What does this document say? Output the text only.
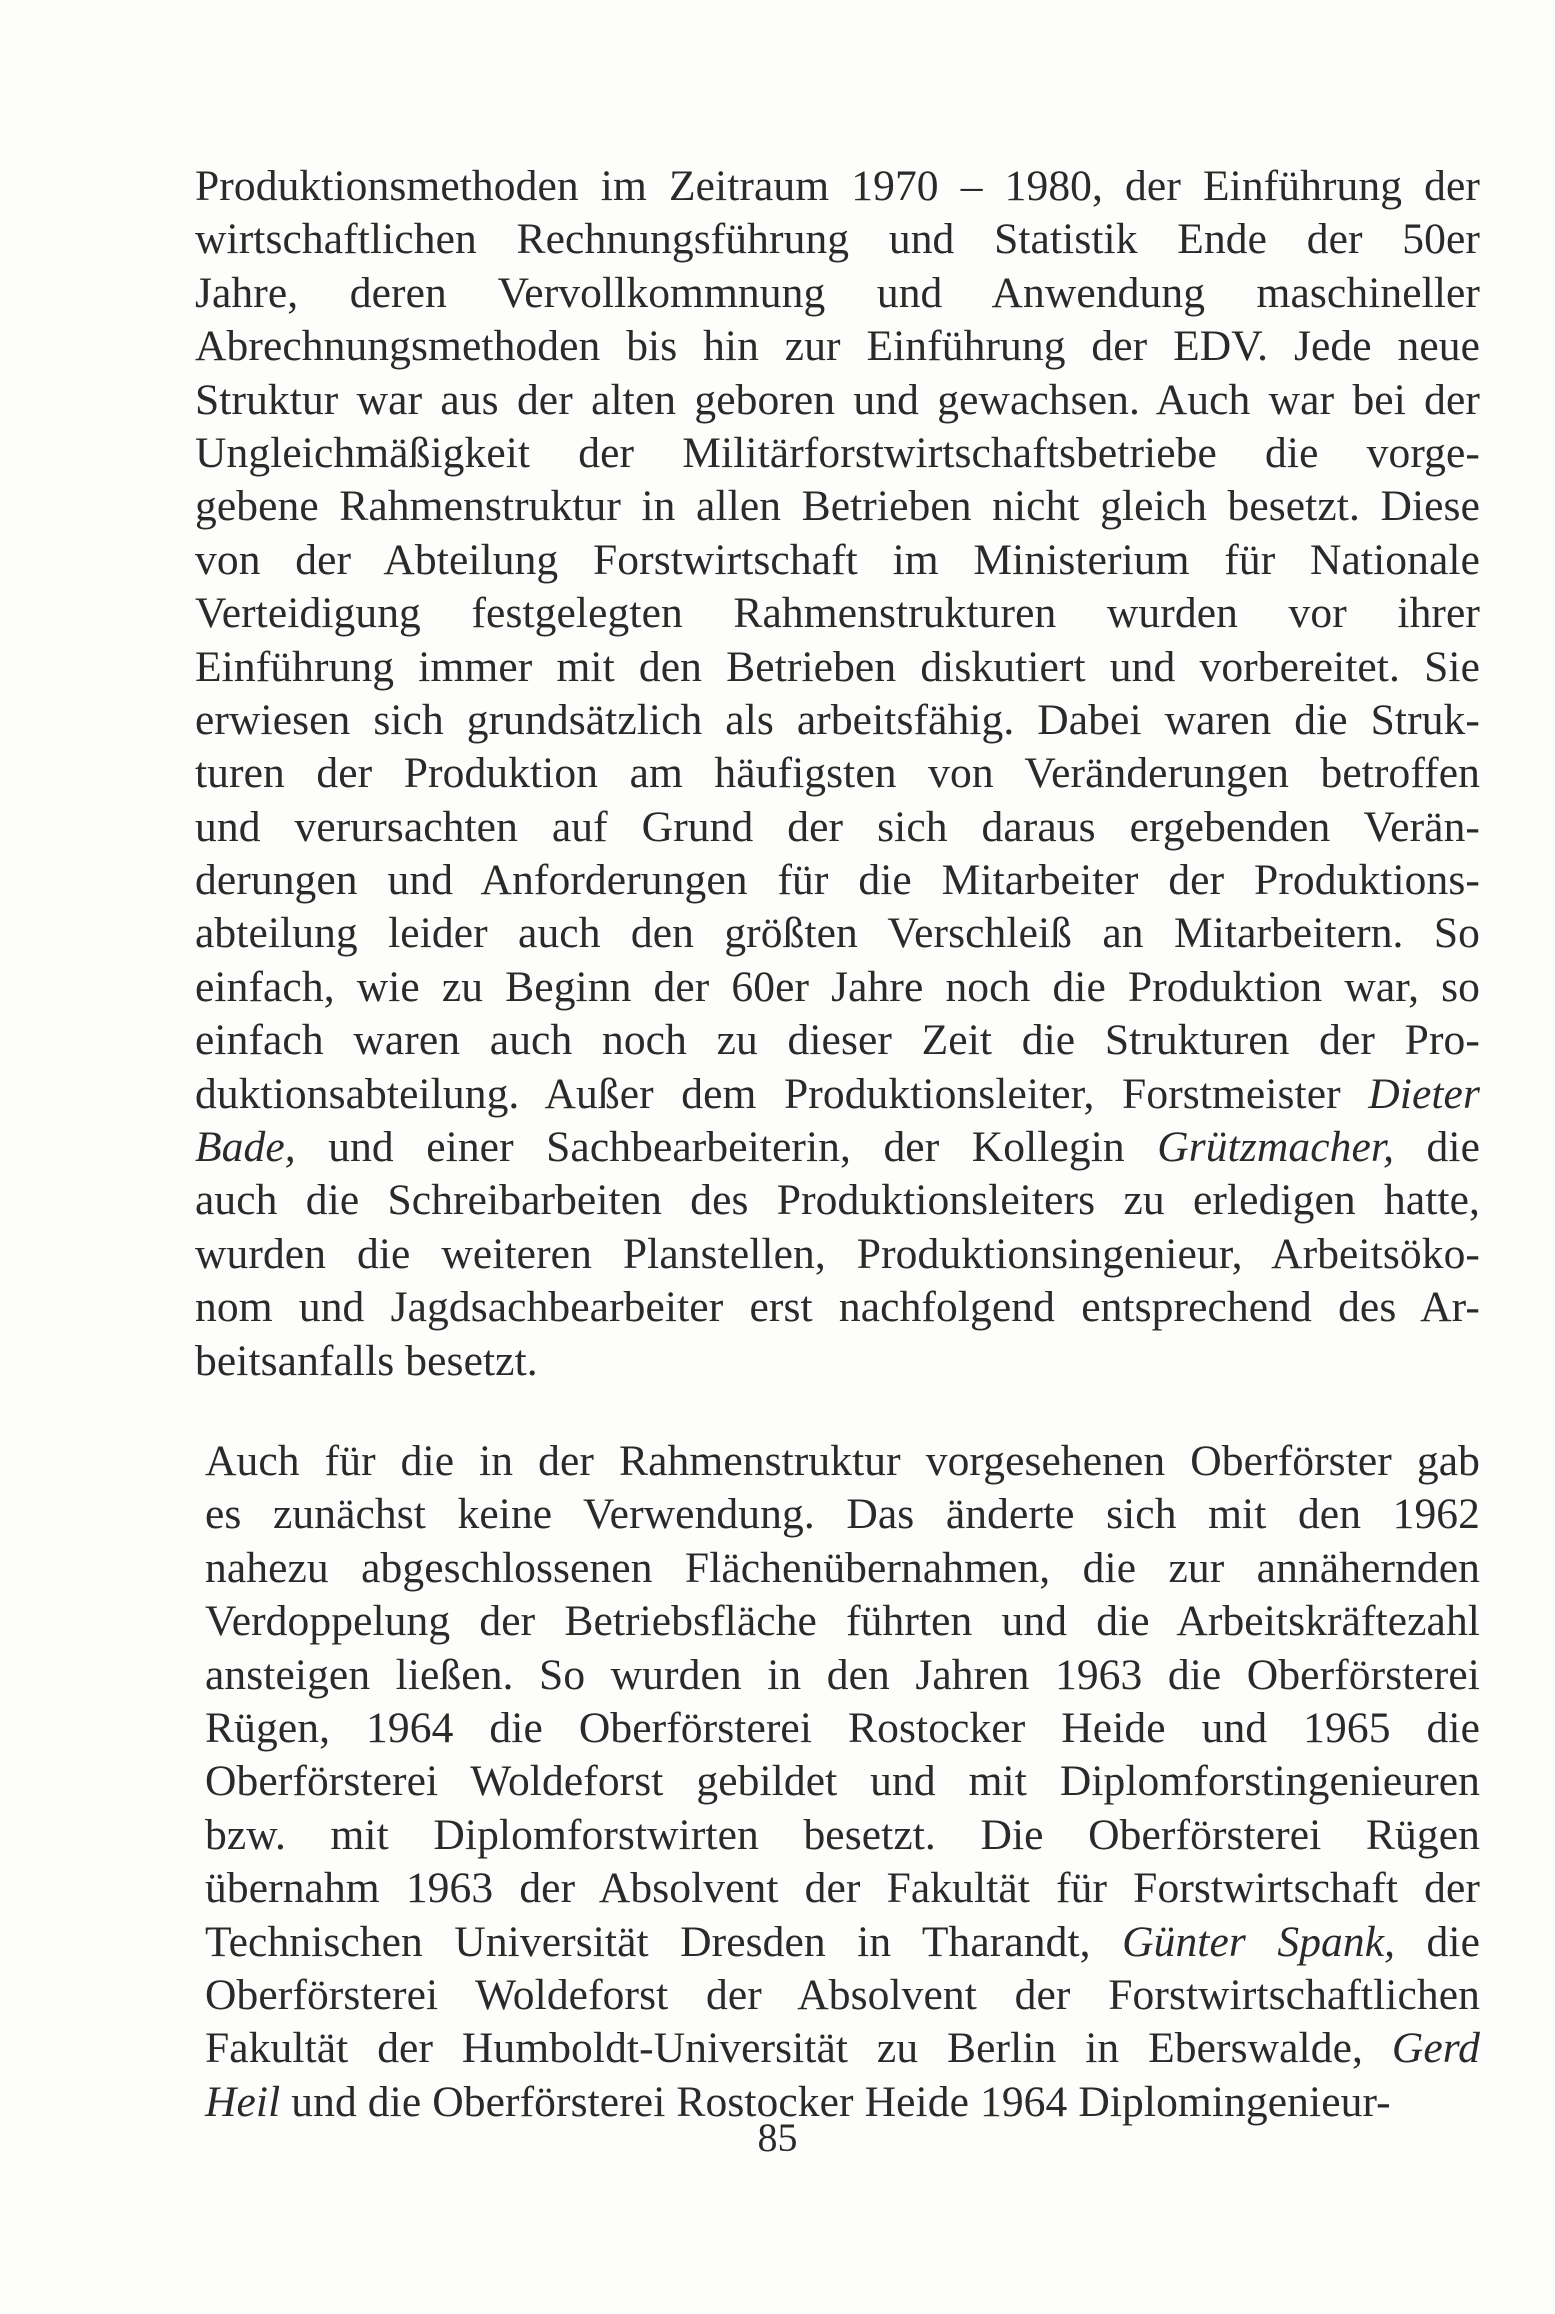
Produktionsmethoden im Zeitraum 1970 – 1980, der Einführung der
wirtschaftlichen Rechnungsführung und Statistik Ende der 50er
Jahre, deren Vervollkommnung und Anwendung maschineller
Abrechnungsmethoden bis hin zur Einführung der EDV. Jede neue
Struktur war aus der alten geboren und gewachsen. Auch war bei der
Ungleichmäßigkeit der Militärforstwirtschaftsbetriebe die vorge-
gebene Rahmenstruktur in allen Betrieben nicht gleich besetzt. Diese
von der Abteilung Forstwirtschaft im Ministerium für Nationale
Verteidigung festgelegten Rahmenstrukturen wurden vor ihrer
Einführung immer mit den Betrieben diskutiert und vorbereitet. Sie
erwiesen sich grundsätzlich als arbeitsfähig. Dabei waren die Struk-
turen der Produktion am häufigsten von Veränderungen betroffen
und verursachten auf Grund der sich daraus ergebenden Verän-
derungen und Anforderungen für die Mitarbeiter der Produktions-
abteilung leider auch den größten Verschleiß an Mitarbeitern. So
einfach, wie zu Beginn der 60er Jahre noch die Produktion war, so
einfach waren auch noch zu dieser Zeit die Strukturen der Pro-
duktionsabteilung. Außer dem Produktionsleiter, Forstmeister Dieter
Bade, und einer Sachbearbeiterin, der Kollegin Grützmacher, die
auch die Schreibarbeiten des Produktionsleiters zu erledigen hatte,
wurden die weiteren Planstellen, Produktionsingenieur, Arbeitsöko-
nom und Jagdsachbearbeiter erst nachfolgend entsprechend des Ar-
beitsanfalls besetzt.
Auch für die in der Rahmenstruktur vorgesehenen Oberförster gab
es zunächst keine Verwendung. Das änderte sich mit den 1962
nahezu abgeschlossenen Flächenübernahmen, die zur annähernden
Verdoppelung der Betriebsfläche führten und die Arbeitskräftezahl
ansteigen ließen. So wurden in den Jahren 1963 die Oberförsterei
Rügen, 1964 die Oberförsterei Rostocker Heide und 1965 die
Oberförsterei Woldeforst gebildet und mit Diplomforstingenieuren
bzw. mit Diplomforstwirten besetzt. Die Oberförsterei Rügen
übernahm 1963 der Absolvent der Fakultät für Forstwirtschaft der
Technischen Universität Dresden in Tharandt, Günter Spank, die
Oberförsterei Woldeforst der Absolvent der Forstwirtschaftlichen
Fakultät der Humboldt-Universität zu Berlin in Eberswalde, Gerd
Heil und die Oberförsterei Rostocker Heide 1964 Diplomingenieur-
85
